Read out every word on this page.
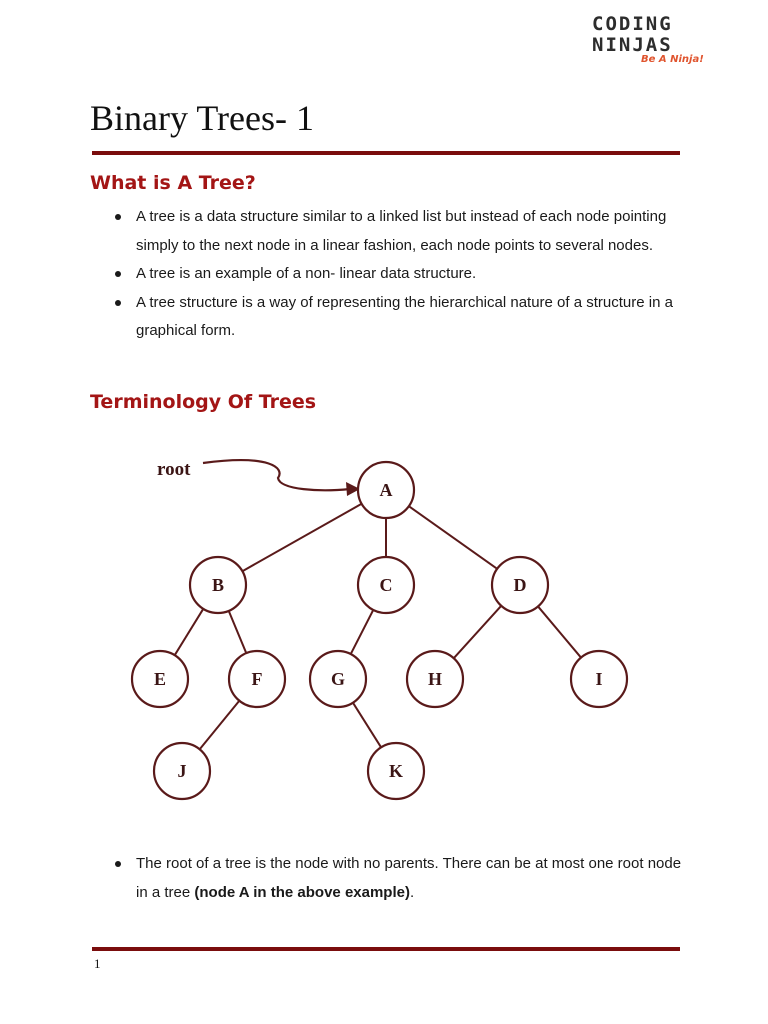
CODING
NINJAS
Be A Ninja!
Binary Trees- 1
What is A Tree?
A tree is a data structure similar to a linked list but instead of each node pointing simply to the next node in a linear fashion, each node points to several nodes.
A tree is an example of a non- linear data structure.
A tree structure is a way of representing the hierarchical nature of a structure in a graphical form.
Terminology Of Trees
root
A
B	C	D
E	F	G	H	I
J	K
The root of a tree is the node with no parents. There can be at most one root node in a tree (node A in the above example).
1
